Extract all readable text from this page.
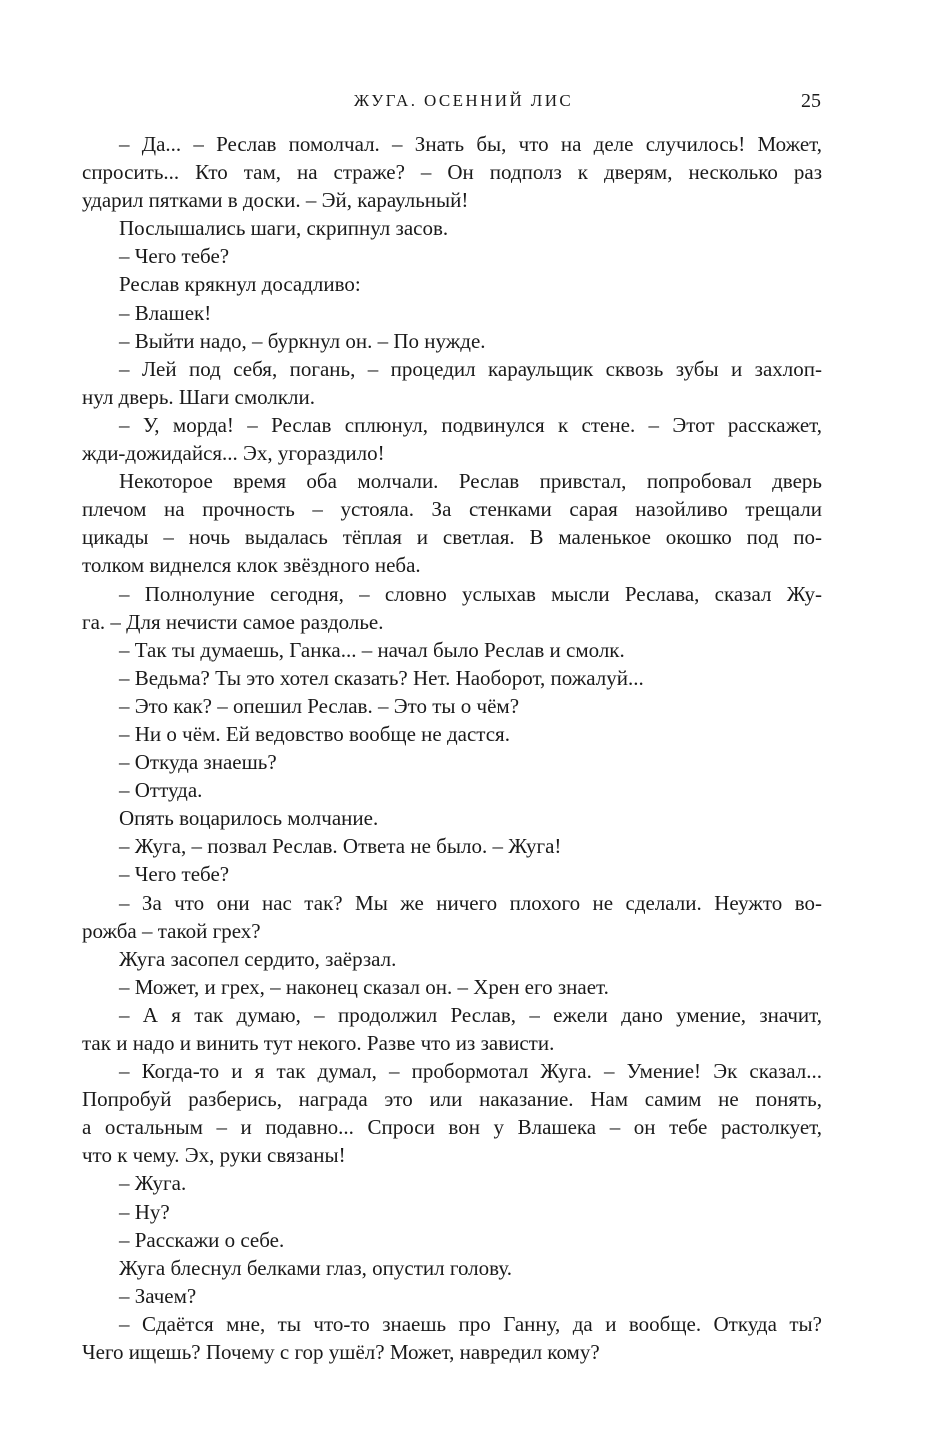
ЖУГА. ОСЕННИЙ ЛИС	25
– Да... – Реслав помолчал. – Знать бы, что на деле случилось! Может,
спросить... Кто там, на страже? – Он подполз к дверям, несколько раз
ударил пятками в доски. – Эй, караульный!
Послышались шаги, скрипнул засов.
– Чего тебе?
Реслав крякнул досадливо:
– Влашек!
– Выйти надо, – буркнул он. – По нужде.
– Лей под себя, погань, – процедил караульщик сквозь зубы и захлоп-
нул дверь. Шаги смолкли.
– У, морда! – Реслав сплюнул, подвинулся к стене. – Этот расскажет,
жди-дожидайся... Эх, угораздило!
Некоторое время оба молчали. Реслав привстал, попробовал дверь
плечом на прочность – устояла. За стенками сарая назойливо трещали
цикады – ночь выдалась тёплая и светлая. В маленькое окошко под по-
толком виднелся клок звёздного неба.
– Полнолуние сегодня, – словно услыхав мысли Реслава, сказал Жу-
га. – Для нечисти самое раздолье.
– Так ты думаешь, Ганка... – начал было Реслав и смолк.
– Ведьма? Ты это хотел сказать? Нет. Наоборот, пожалуй...
– Это как? – опешил Реслав. – Это ты о чём?
– Ни о чём. Ей ведовство вообще не дастся.
– Откуда знаешь?
– Оттуда.
Опять воцарилось молчание.
– Жуга, – позвал Реслав. Ответа не было. – Жуга!
– Чего тебе?
– За что они нас так? Мы же ничего плохого не сделали. Неужто во-
рожба – такой грех?
Жуга засопел сердито, заёрзал.
– Может, и грех, – наконец сказал он. – Хрен его знает.
– А я так думаю, – продолжил Реслав, – ежели дано умение, значит,
так и надо и винить тут некого. Разве что из зависти.
– Когда-то и я так думал, – пробормотал Жуга. – Умение! Эк сказал...
Попробуй разберись, награда это или наказание. Нам самим не понять,
а остальным – и подавно... Спроси вон у Влашека – он тебе растолкует,
что к чему. Эх, руки связаны!
– Жуга.
– Ну?
– Расскажи о себе.
Жуга блеснул белками глаз, опустил голову.
– Зачем?
– Сдаётся мне, ты что-то знаешь про Ганну, да и вообще. Откуда ты?
Чего ищешь? Почему с гор ушёл? Может, навредил кому?
